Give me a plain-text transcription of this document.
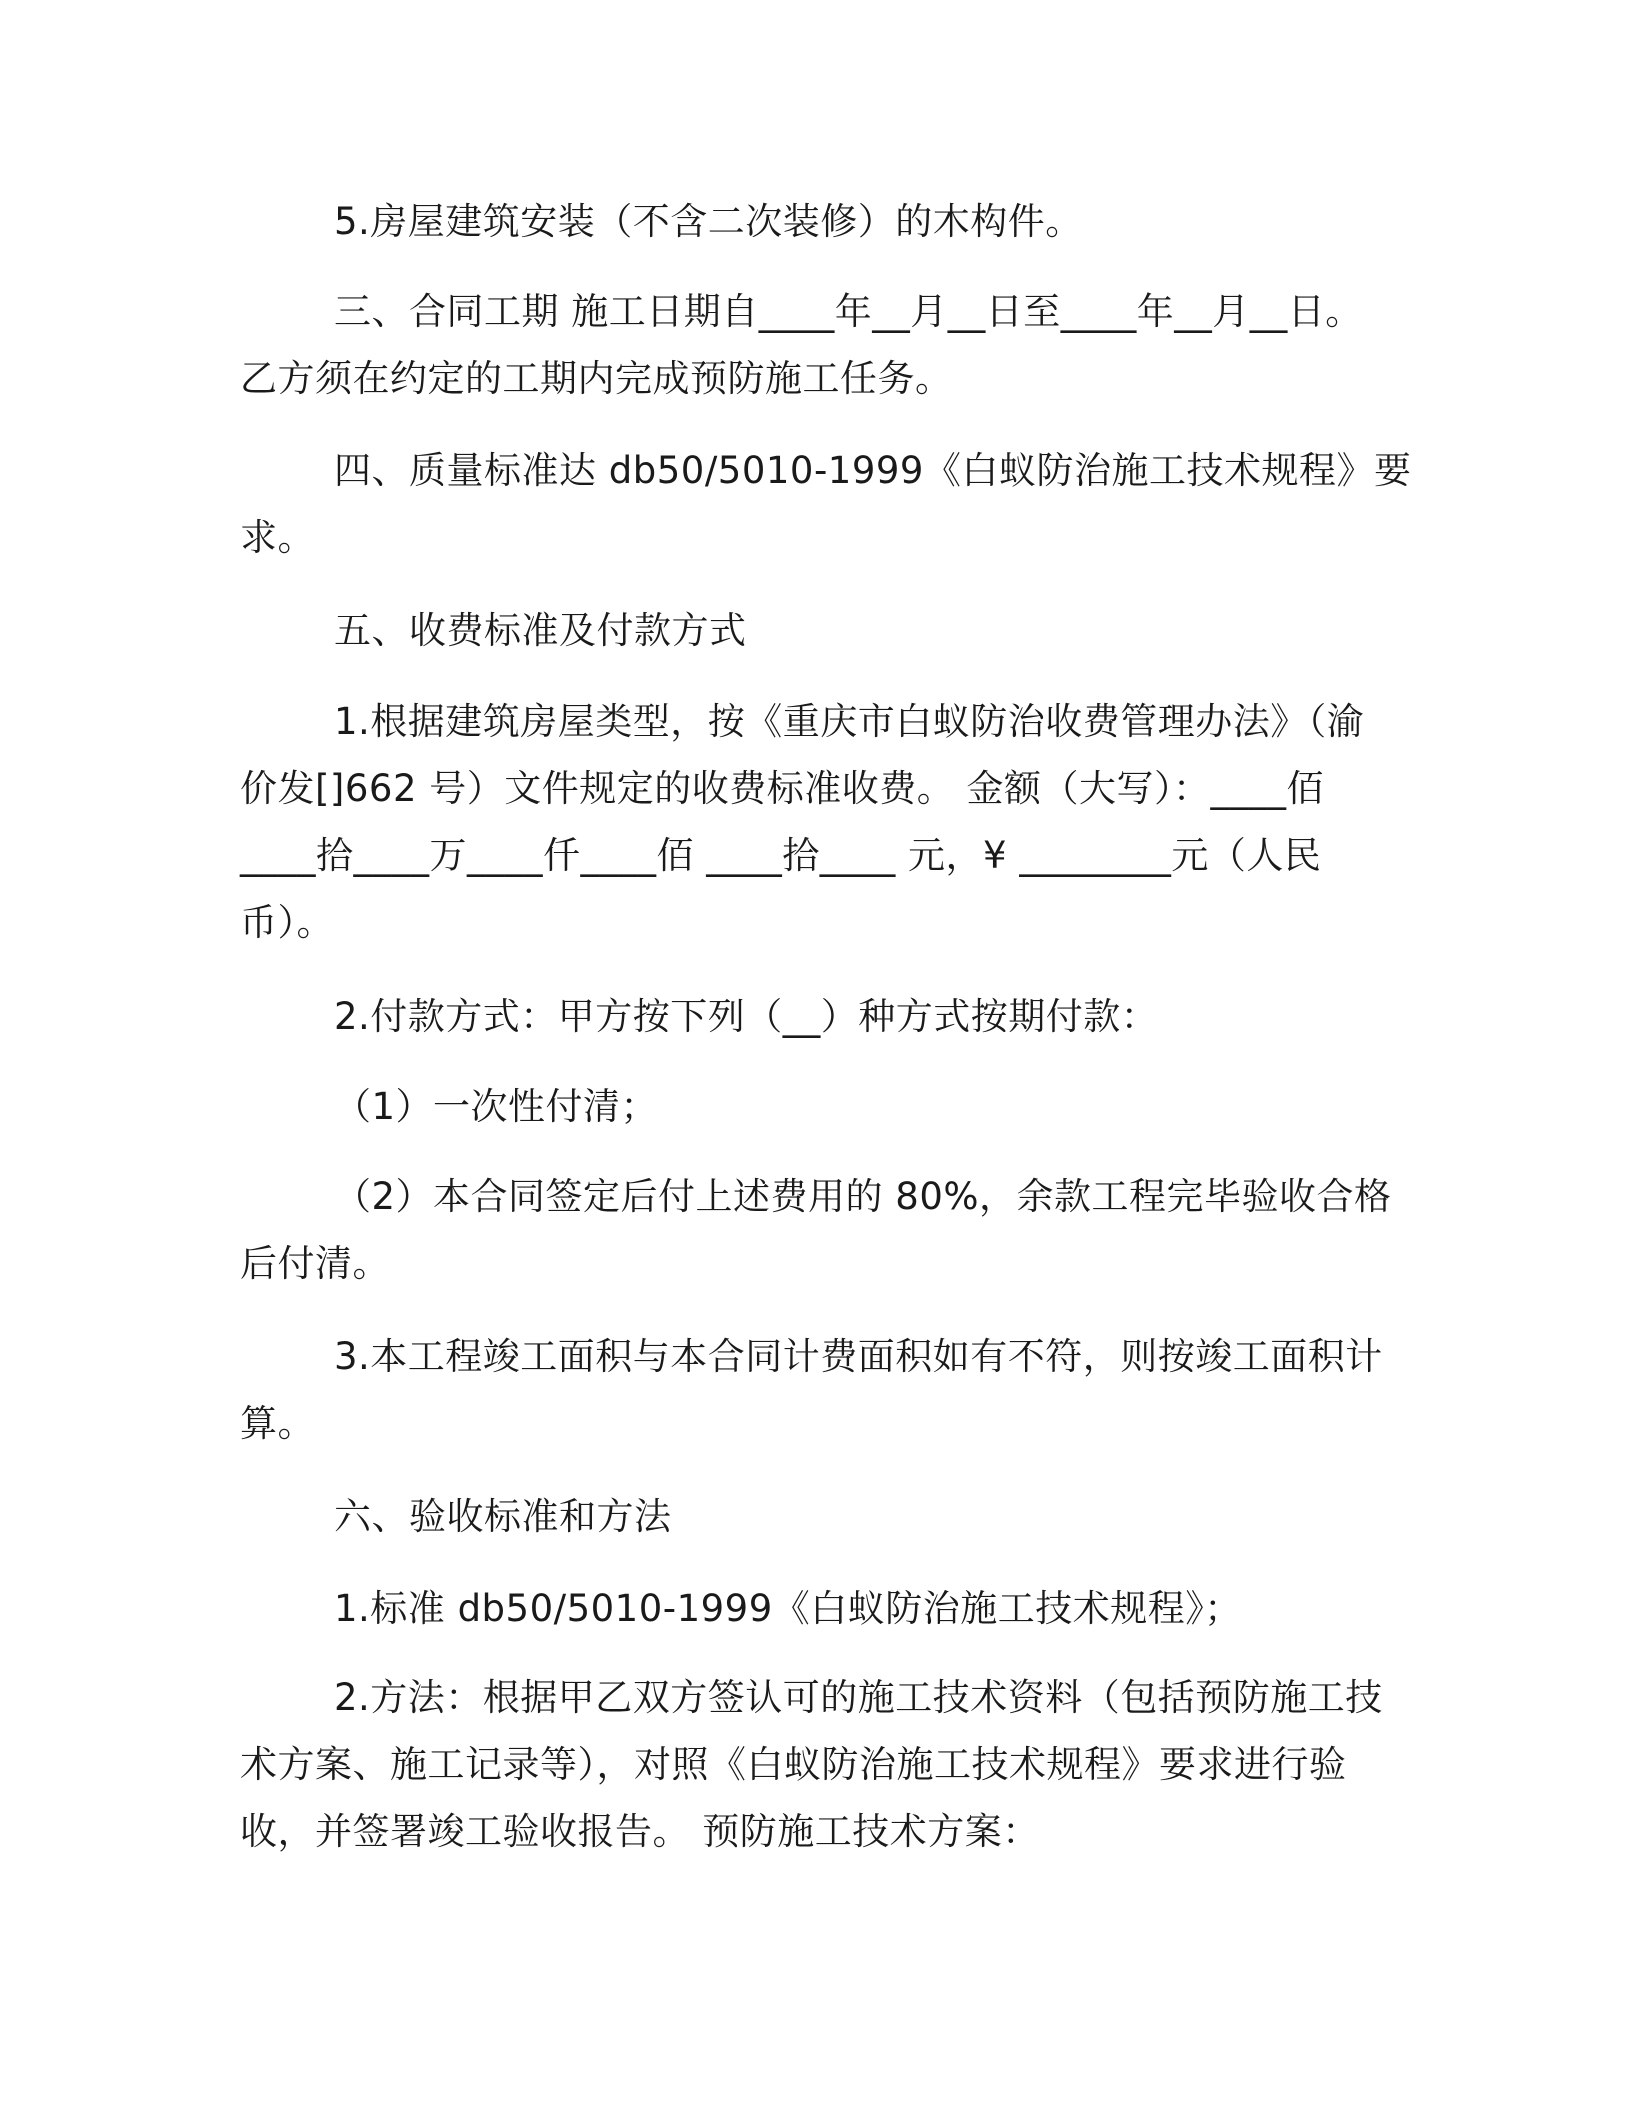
5.房屋建筑安装（不含二次装修）的木构件。
三、合同工期 施工日期自____年__月__日至____年__月__日。
乙方须在约定的工期内完成预防施工任务。
四、质量标准达 db50/5010-1999《白蚁防治施工技术规程》要
求。
五、收费标准及付款方式
1.根据建筑房屋类型，按《重庆市白蚁防治收费管理办法》（渝
价发[]662 号）文件规定的收费标准收费。 金额（大写）：____佰
____拾____万____仟____佰 ____拾____ 元，¥ ________元（人民
币）。
2.付款方式：甲方按下列（__）种方式按期付款：
（1）一次性付清；
（2）本合同签定后付上述费用的 80%，余款工程完毕验收合格
后付清。
3.本工程竣工面积与本合同计费面积如有不符，则按竣工面积计
算。
六、验收标准和方法
1.标准 db50/5010-1999《白蚁防治施工技术规程》；
2.方法：根据甲乙双方签认可的施工技术资料（包括预防施工技
术方案、施工记录等），对照《白蚁防治施工技术规程》要求进行验
收，并签署竣工验收报告。 预防施工技术方案：
